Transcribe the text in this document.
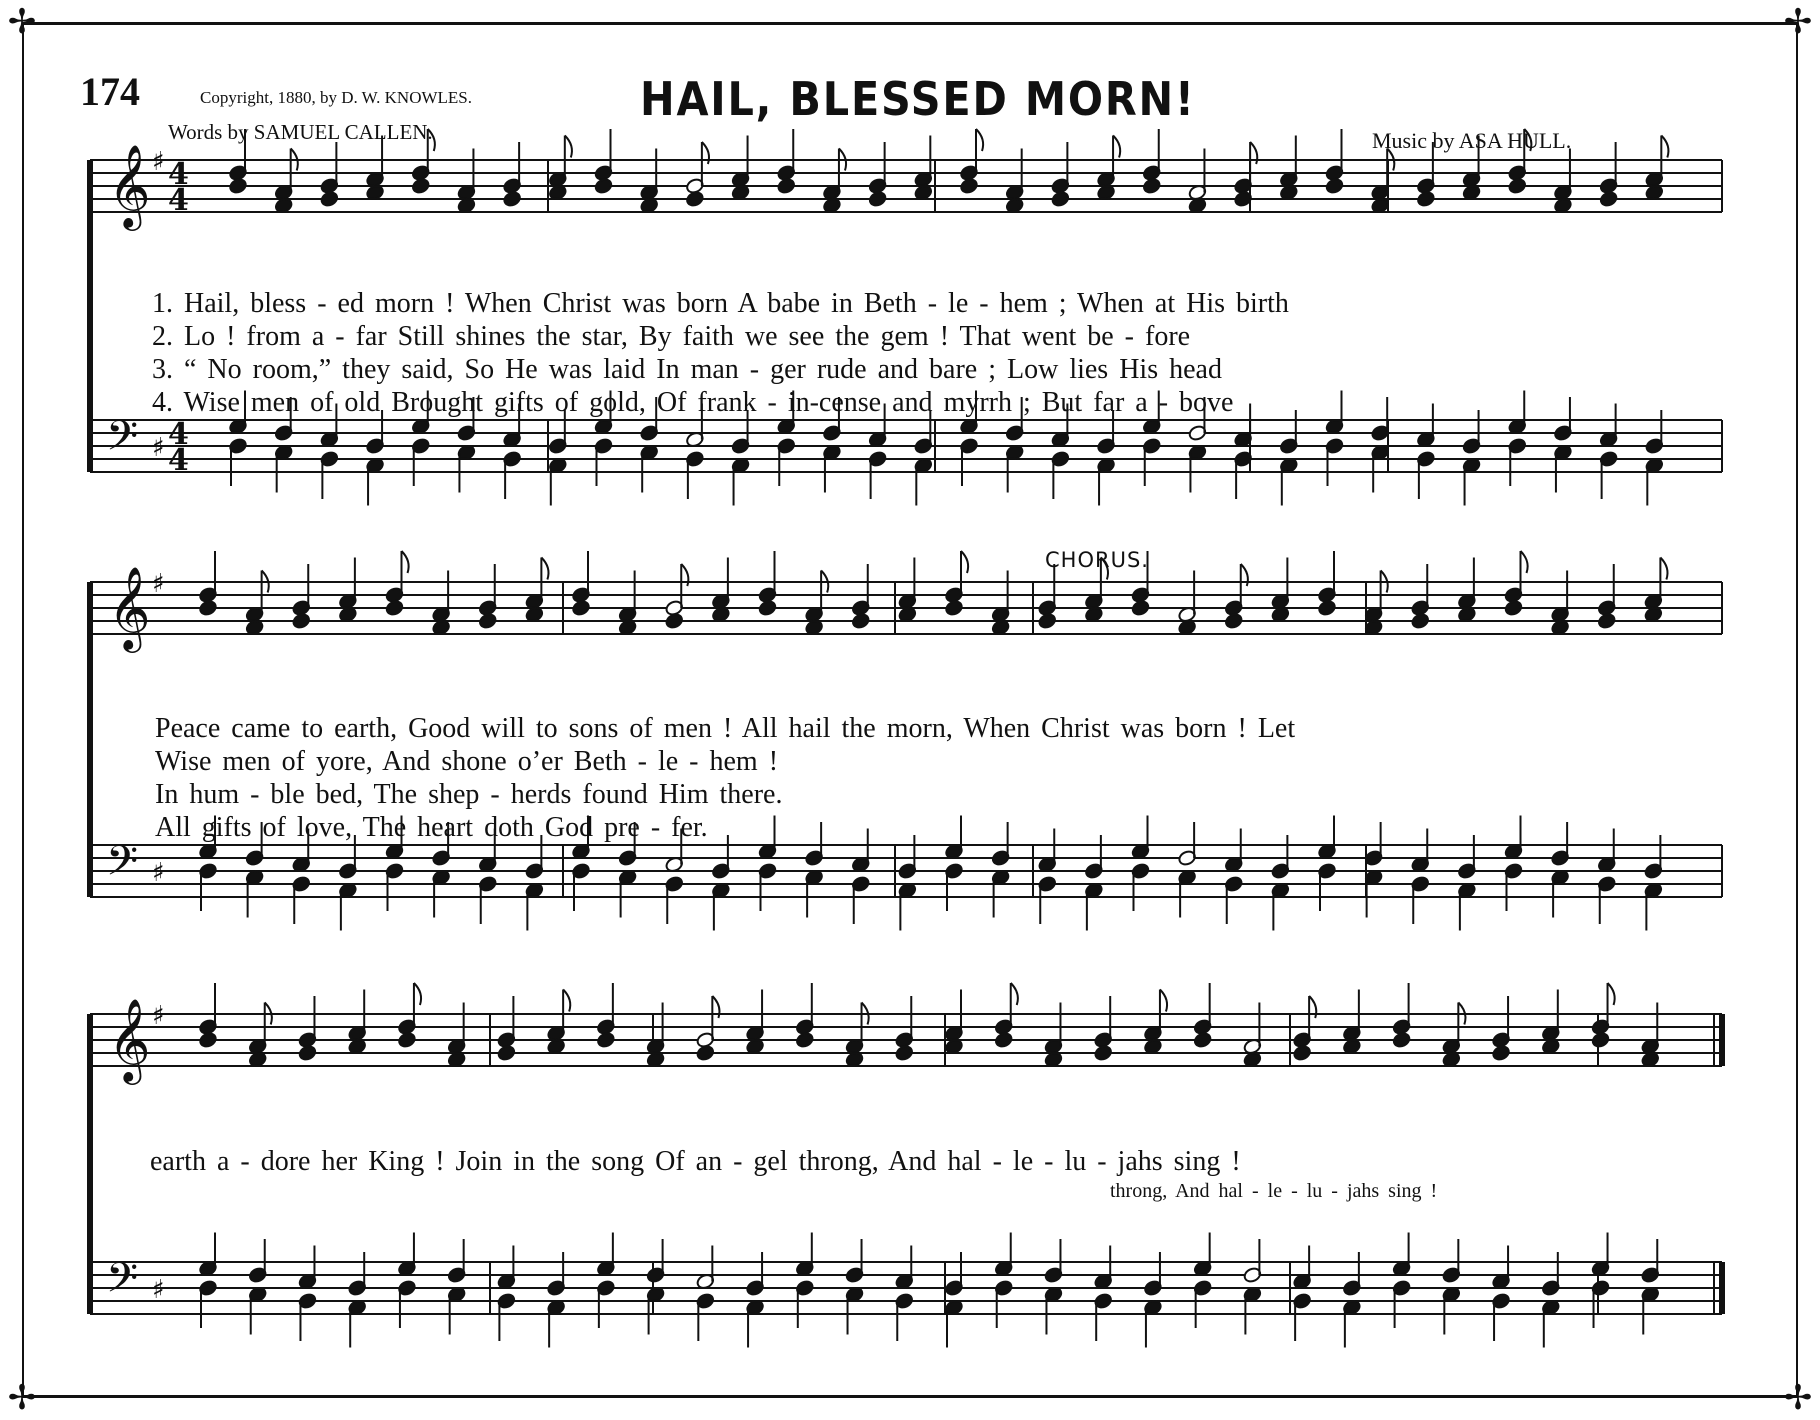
✢	✢
✢	✢
174	Copyright, 1880, by D. W. KNOWLES.	HAIL, BLESSED MORN!
Words by SAMUEL CALLEN.	Music by ASA HULL.
CHORUS.
𝄞
𝄢
♯
♯
4
4
4
4
𝄞
𝄢
♯
♯
𝄞
𝄢
♯
♯
1. Hail, bless - ed morn ! When Christ was born A babe in Beth - le - hem ; When at His birth
2. Lo ! from a - far Still shines the star, By faith we see the gem ! That went be - fore
3. “ No room,” they said, So He was laid In man - ger rude and bare ; Low lies His head
4. Wise men of old Brought gifts of gold, Of frank - in-cense and myrrh ; But far a - bove
Peace came to earth, Good will to sons of men ! All hail the morn, When Christ was born ! Let
Wise men of yore, And shone o’er Beth - le - hem !
In hum - ble bed, The shep - herds found Him there.
All gifts of love, The heart doth God pre - fer.
earth a - dore her King ! Join in the song Of an - gel throng, And hal - le - lu - jahs sing !
throng, And hal - le - lu - jahs sing !
